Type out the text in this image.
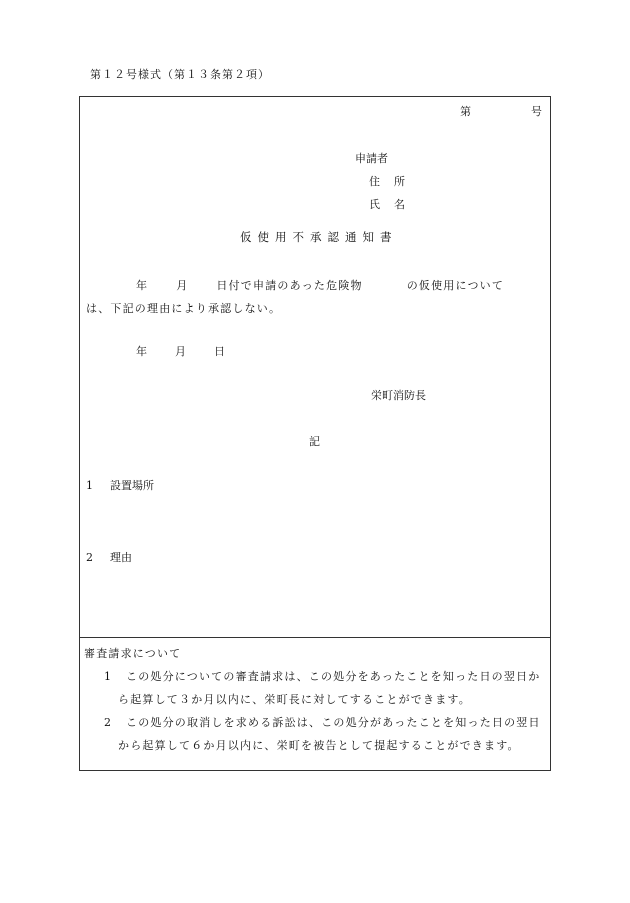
第１２号様式（第１３条第２項）
第	号
申請者
住所
氏名
仮使用不承認通知書
年	月	日付で申請のあった危険物	の仮使用について
は、下記の理由により承認しない。
年	月	日
栄町消防長
記
1 設置場所
2 理由
審査請求について
1 この処分についての審査請求は、この処分をあったことを知った日の翌日から起算して３か月以内に、栄町長に対してすることができます。
2 この処分の取消しを求める訴訟は、この処分があったことを知った日の翌日から起算して６か月以内に、栄町を被告として提起することができます。
